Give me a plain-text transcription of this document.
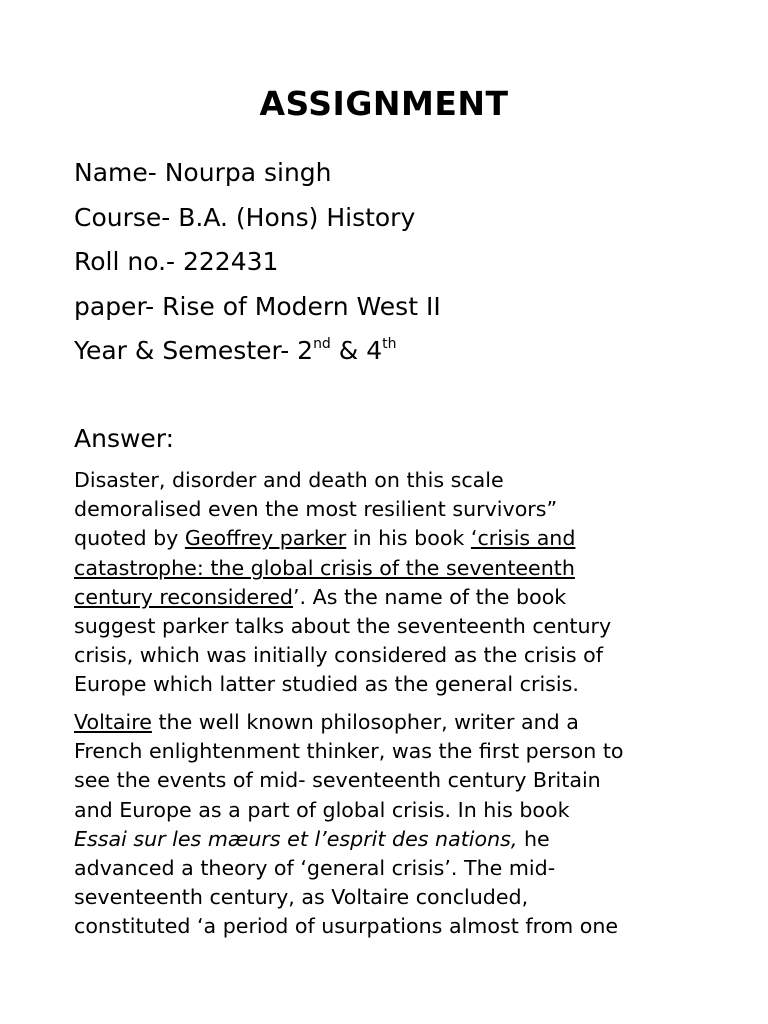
ASSIGNMENT

Name- Nourpa singh

Course- B.A. (Hons) History

Roll no.- 222431

paper- Rise of Modern West II

Year & Semester- 2nd & 4th

Answer:

Disaster, disorder and death on this scale
demoralised even the most resilient survivors”
quoted by Geoffrey parker in his book ‘crisis and
catastrophe: the global crisis of the seventeenth
century reconsidered’. As the name of the book
suggest parker talks about the seventeenth century
crisis, which was initially considered as the crisis of
Europe which latter studied as the general crisis.
Voltaire the well known philosopher, writer and a
French enlightenment thinker, was the first person to
see the events of mid- seventeenth century Britain
and Europe as a part of global crisis. In his book
Essai sur les mæurs et l’esprit des nations, he
advanced a theory of ‘general crisis’. The mid-
seventeenth century, as Voltaire concluded,
constituted ‘a period of usurpations almost from one
